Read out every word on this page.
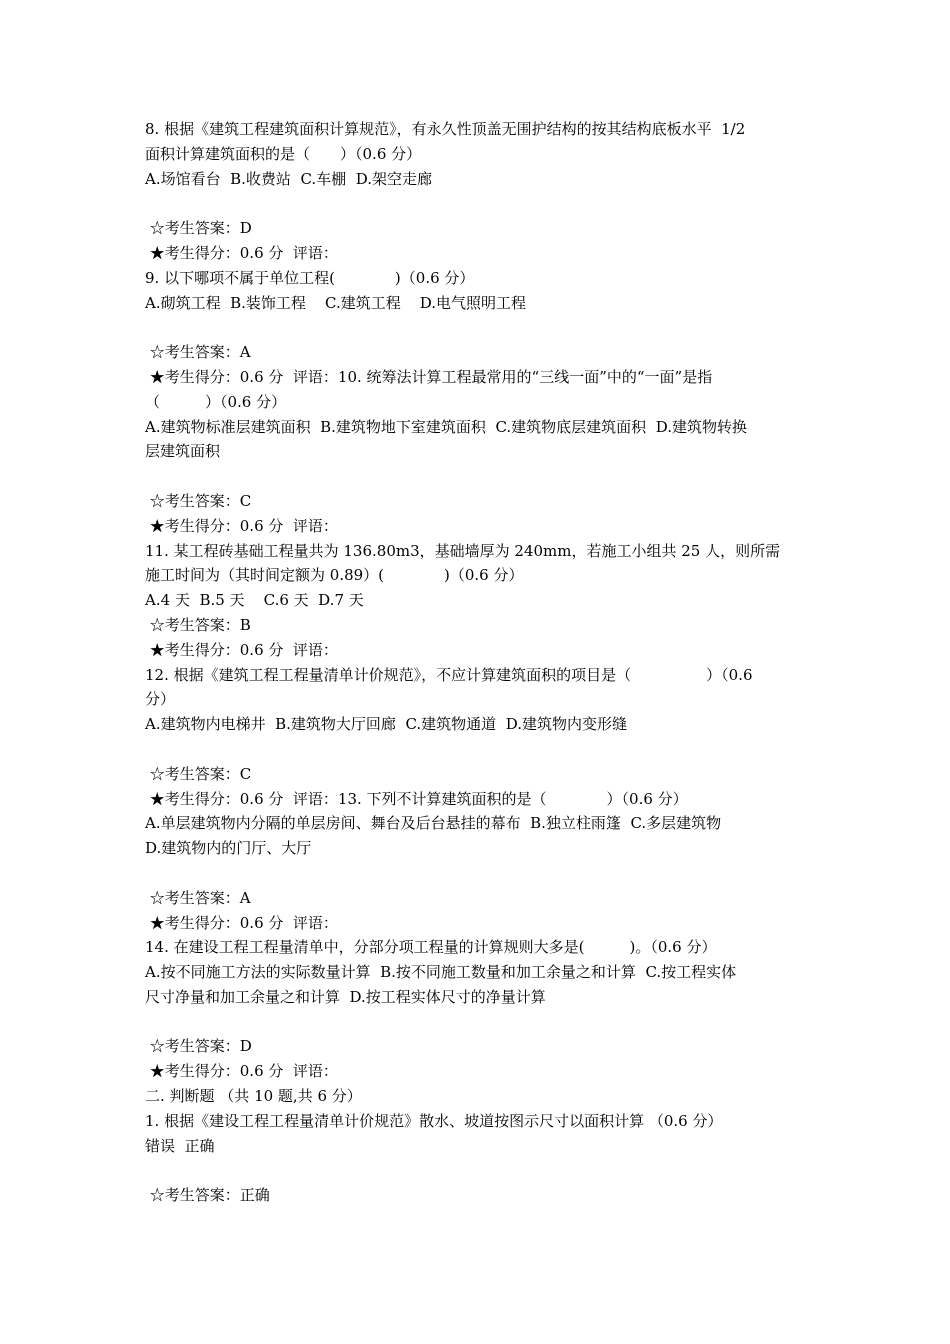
8. 根据《建筑工程建筑面积计算规范》，有永久性顶盖无围护结构的按其结构底板水平  1/2
面积计算建筑面积的是（　　）（0.6 分）
A.场馆看台  B.收费站  C.车棚  D.架空走廊
☆考生答案：D
★考生得分：0.6 分  评语：
9. 以下哪项不属于单位工程(　　　　)（0.6 分）
A.砌筑工程  B.装饰工程    C.建筑工程    D.电气照明工程
☆考生答案：A
★考生得分：0.6 分  评语：10. 统筹法计算工程最常用的“三线一面”中的“一面”是指
（　　　）（0.6 分）
A.建筑物标准层建筑面积  B.建筑物地下室建筑面积  C.建筑物底层建筑面积  D.建筑物转换
层建筑面积
☆考生答案：C
★考生得分：0.6 分  评语：
11. 某工程砖基础工程量共为 136.80m3，基础墙厚为 240mm，若施工小组共 25 人，则所需
施工时间为（其时间定额为 0.89）(　　　　)（0.6 分）
A.4 天  B.5 天    C.6 天  D.7 天
☆考生答案：B
★考生得分：0.6 分  评语：
12. 根据《建筑工程工程量清单计价规范》，不应计算建筑面积的项目是（　　　　　）（0.6
分）
A.建筑物内电梯井  B.建筑物大厅回廊  C.建筑物通道  D.建筑物内变形缝
☆考生答案：C
★考生得分：0.6 分  评语：13. 下列不计算建筑面积的是（　　　　）（0.6 分）
A.单层建筑物内分隔的单层房间、舞台及后台悬挂的幕布  B.独立柱雨篷  C.多层建筑物
D.建筑物内的门厅、大厅
☆考生答案：A
★考生得分：0.6 分  评语：
14. 在建设工程工程量清单中，分部分项工程量的计算规则大多是(　　　)。（0.6 分）
A.按不同施工方法的实际数量计算  B.按不同施工数量和加工余量之和计算  C.按工程实体
尺寸净量和加工余量之和计算  D.按工程实体尺寸的净量计算
☆考生答案：D
★考生得分：0.6 分  评语：
二. 判断题 （共 10 题,共 6 分）
1. 根据《建设工程工程量清单计价规范》散水、坡道按图示尺寸以面积计算 （0.6 分）
错误  正确
☆考生答案：正确
